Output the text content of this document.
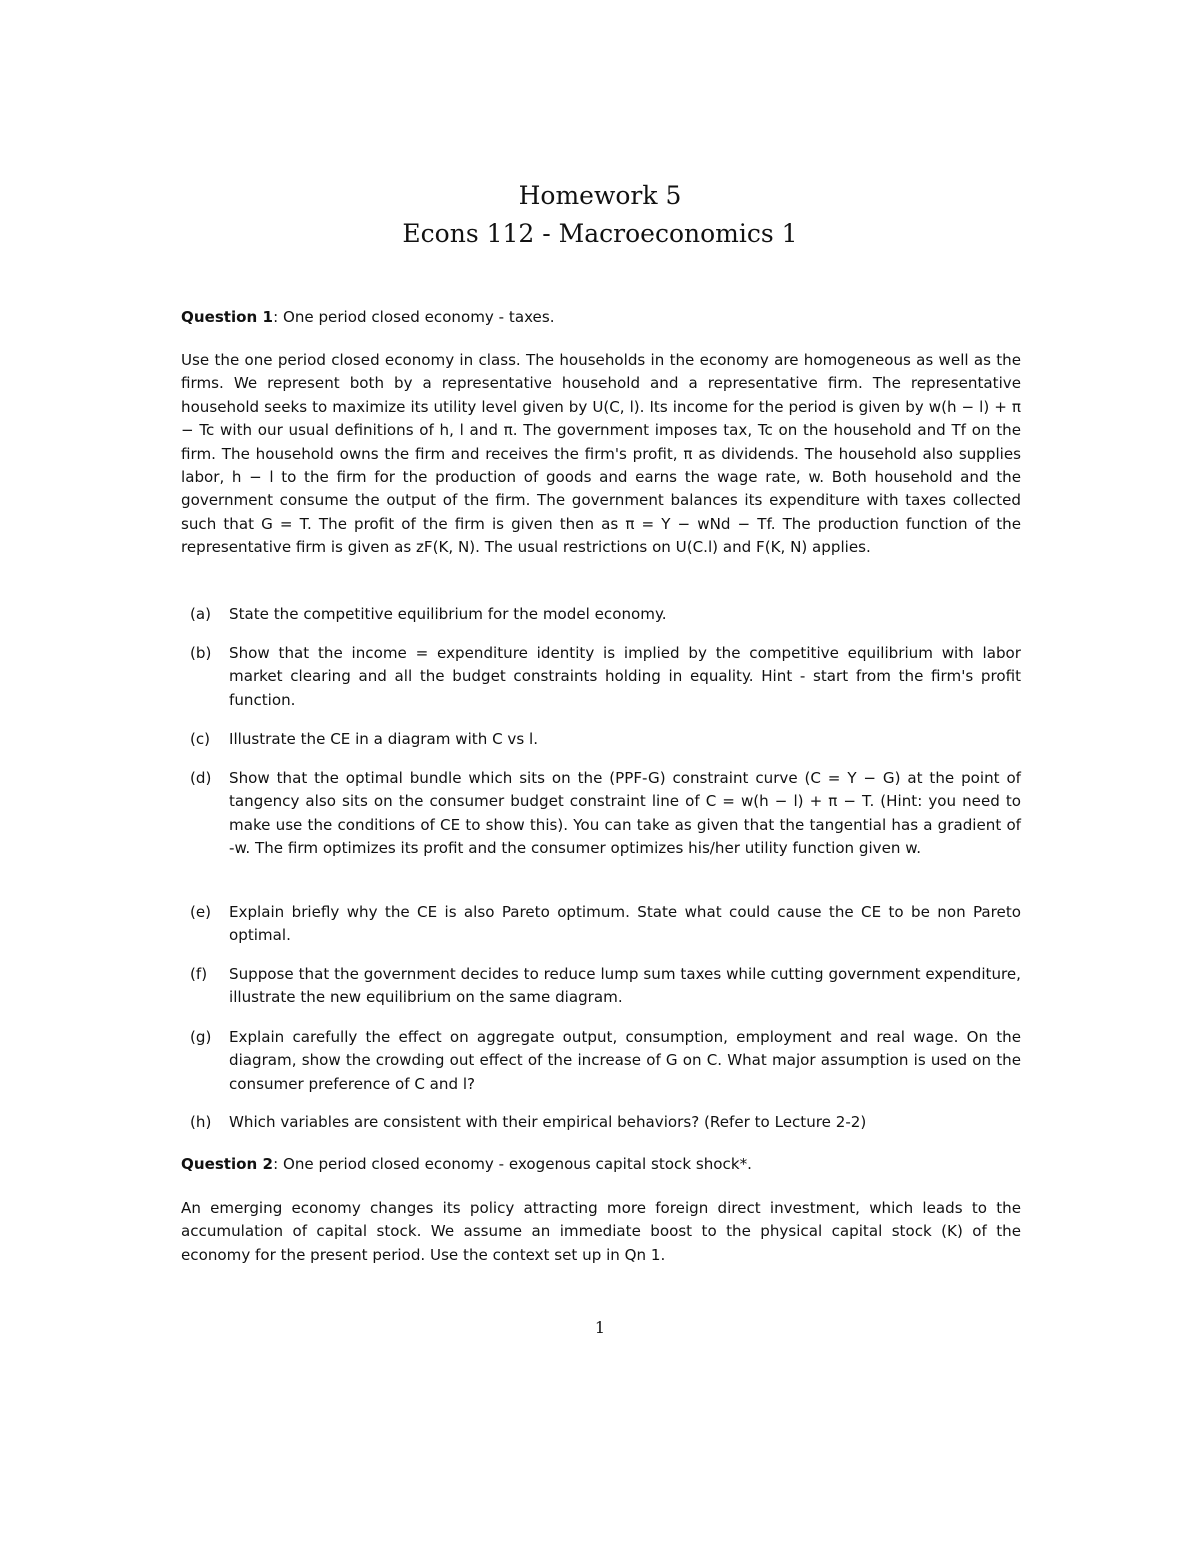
Homework 5
Econs 112 - Macroeconomics 1

Question 1: One period closed economy - taxes.

Use the one period closed economy in class. The households in the economy are homogeneous as well as the firms. We represent both by a representative household and a representative firm. The representative household seeks to maximize its utility level given by U(C, l). Its income for the period is given by w(h − l) + π − Tc with our usual definitions of h, l and π. The government imposes tax, Tc on the household and Tf on the firm. The household owns the firm and receives the firm's profit, π as dividends. The household also supplies labor, h − l to the firm for the production of goods and earns the wage rate, w. Both household and the government consume the output of the firm. The government balances its expenditure with taxes collected such that G = T. The profit of the firm is given then as π = Y − wNd − Tf. The production function of the representative firm is given as zF(K, N). The usual restrictions on U(C.l) and F(K, N) applies.

(a)	State the competitive equilibrium for the model economy.
(b)	Show that the income = expenditure identity is implied by the competitive equilibrium with labor market clearing and all the budget constraints holding in equality. Hint - start from the firm's profit function.
(c)	Illustrate the CE in a diagram with C vs l.
(d)	Show that the optimal bundle which sits on the (PPF-G) constraint curve (C = Y − G) at the point of tangency also sits on the consumer budget constraint line of C = w(h − l) + π − T. (Hint: you need to make use the conditions of CE to show this). You can take as given that the tangential has a gradient of -w. The firm optimizes its profit and the consumer optimizes his/her utility function given w.
(e)	Explain briefly why the CE is also Pareto optimum. State what could cause the CE to be non Pareto optimal.
(f)	Suppose that the government decides to reduce lump sum taxes while cutting government expenditure, illustrate the new equilibrium on the same diagram.
(g)	Explain carefully the effect on aggregate output, consumption, employment and real wage. On the diagram, show the crowding out effect of the increase of G on C. What major assumption is used on the consumer preference of C and l?
(h)	Which variables are consistent with their empirical behaviors? (Refer to Lecture 2-2)

Question 2: One period closed economy - exogenous capital stock shock*.

An emerging economy changes its policy attracting more foreign direct investment, which leads to the accumulation of capital stock. We assume an immediate boost to the physical capital stock (K) of the economy for the present period. Use the context set up in Qn 1.

1
